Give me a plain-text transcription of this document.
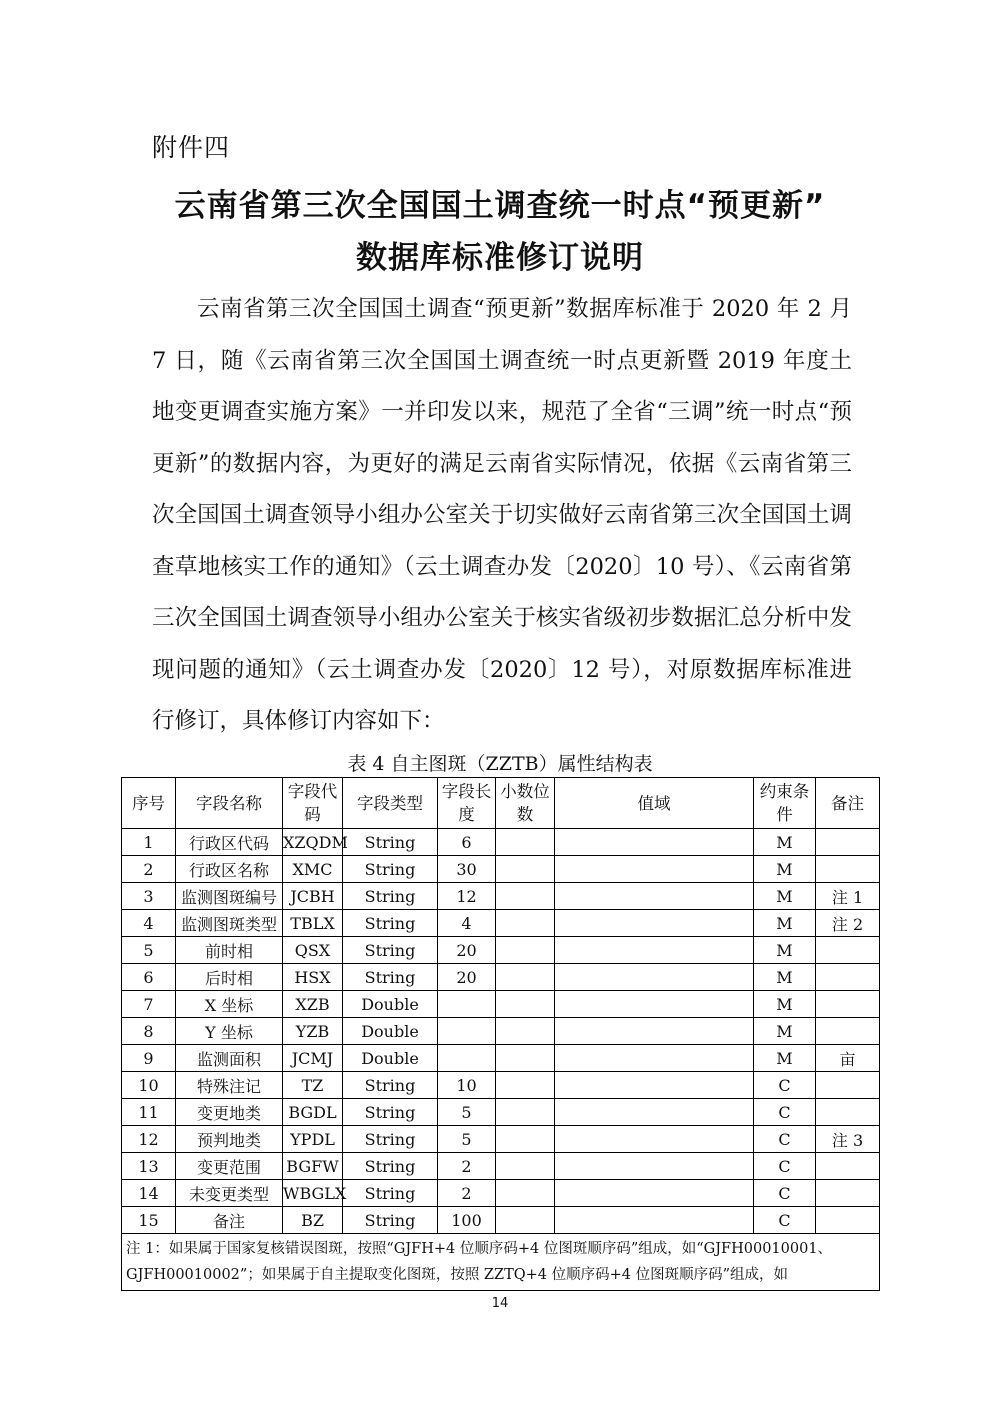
附件四
云南省第三次全国国土调查统一时点“预更新”
数据库标准修订说明

云南省第三次全国国土调查“预更新”数据库标准于 2020 年 2 月 7 日，随《云南省第三次全国国土调查统一时点更新暨 2019 年度土地变更调查实施方案》一并印发以来，规范了全省“三调”统一时点“预更新”的数据内容，为更好的满足云南省实际情况，依据《云南省第三次全国国土调查领导小组办公室关于切实做好云南省第三次全国国土调查草地核实工作的通知》（云土调查办发〔2020〕10 号）、《云南省第三次全国国土调查领导小组办公室关于核实省级初步数据汇总分析中发现问题的通知》（云土调查办发〔2020〕12 号），对原数据库标准进行修订，具体修订内容如下：

表 4 自主图斑（ZZTB）属性结构表
序号	字段名称	字段代码	字段类型	字段长度	小数位数	值域	约束条件	备注
1	行政区代码	XZQDM	String	6			M	
2	行政区名称	XMC	String	30			M	
3	监测图斑编号	JCBH	String	12			M	注 1
4	监测图斑类型	TBLX	String	4			M	注 2
5	前时相	QSX	String	20			M	
6	后时相	HSX	String	20			M	
7	X 坐标	XZB	Double				M	
8	Y 坐标	YZB	Double				M	
9	监测面积	JCMJ	Double				M	亩
10	特殊注记	TZ	String	10			C	
11	变更地类	BGDL	String	5			C	
12	预判地类	YPDL	String	5			C	注 3
13	变更范围	BGFW	String	2			C	
14	未变更类型	WBGLX	String	2			C	
15	备注	BZ	String	100			C	
注 1：如果属于国家复核错误图斑，按照“GJFH+4 位顺序码+4 位图斑顺序码”组成，如“GJFH00010001、GJFH00010002”；如果属于自主提取变化图斑，按照 ZZTQ+4 位顺序码+4 位图斑顺序码”组成，如								
14
